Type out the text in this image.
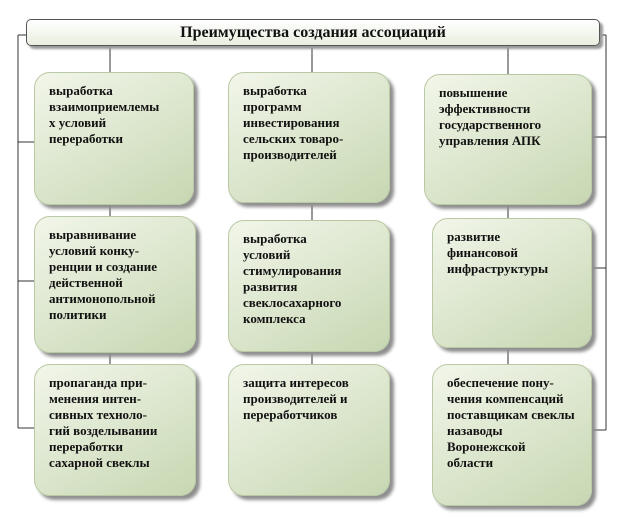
Преимущества создания ассоциаций
выработка
взаимоприемлемы
х условий
переработки
выработка
программ
инвестирования
сельских товаро-
производителей
повышение
эффективности
государственного
управления АПК
выравнивание
условий конку-
ренции и создание
действенной
антимонопольной
политики
выработка
условий
стимулирования
развития
свеклосахарного
комплекса
развитие
финансовой
инфраструктуры
пропаганда при-
менения интен-
сивных техноло-
гий возделывании
переработки
сахарной свеклы
защита интересов
производителей и
переработчиков
обеспечение пону-
чения компенсаций
поставщикам свеклы
назаводы
Воронежской
области
